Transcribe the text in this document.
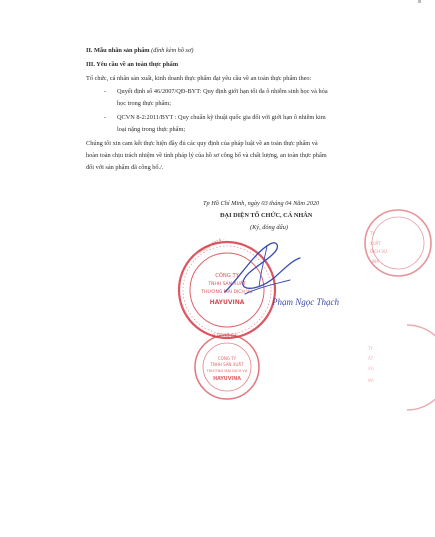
II. Mẫu nhãn sản phẩm (đính kèm hồ sơ)
III. Yêu cầu về an toàn thực phẩm
Tổ chức, cá nhân sản xuất, kinh doanh thực phẩm đạt yêu cầu về an toàn thực phẩm theo:
- Quyết định số 46/2007/QĐ-BYT: Quy định giới hạn tối đa ô nhiễm sinh học và hóa
học trong thực phẩm;
- QCVN 8-2:2011/BYT : Quy chuẩn kỹ thuật quốc gia đối với giới hạn ô nhiễm kim
loại nặng trong thực phẩm;
Chúng tôi xin cam kết thực hiện đầy đủ các quy định của pháp luật về an toàn thực phẩm và
hoàn toàn chịu trách nhiệm về tính pháp lý của hồ sơ công bố và chất lượng, an toàn thực phẩm
đối với sản phẩm đã công bố./.
Tp Hồ Chí Minh, ngày 03 tháng 04 Năm 2020
ĐẠI DIỆN TỔ CHỨC, CÁ NHÂN
(Ký, đóng dấu)
TY
XUẤT
DỊCH VỤ
INA
TY
ẤT
VỤ
NA
CÔNG TY
TNHH SẢN XUẤT
THƯƠNG MẠI DỊCH VỤ
HAYUVINA
MSDN: 0314...
Q.TP. HỒ CHÍ
Phạm Ngọc Thạch
CÔNG TY
TNHH SẢN XUẤT
THƯƠNG MẠI DỊCH VỤ
HAYUVINA
